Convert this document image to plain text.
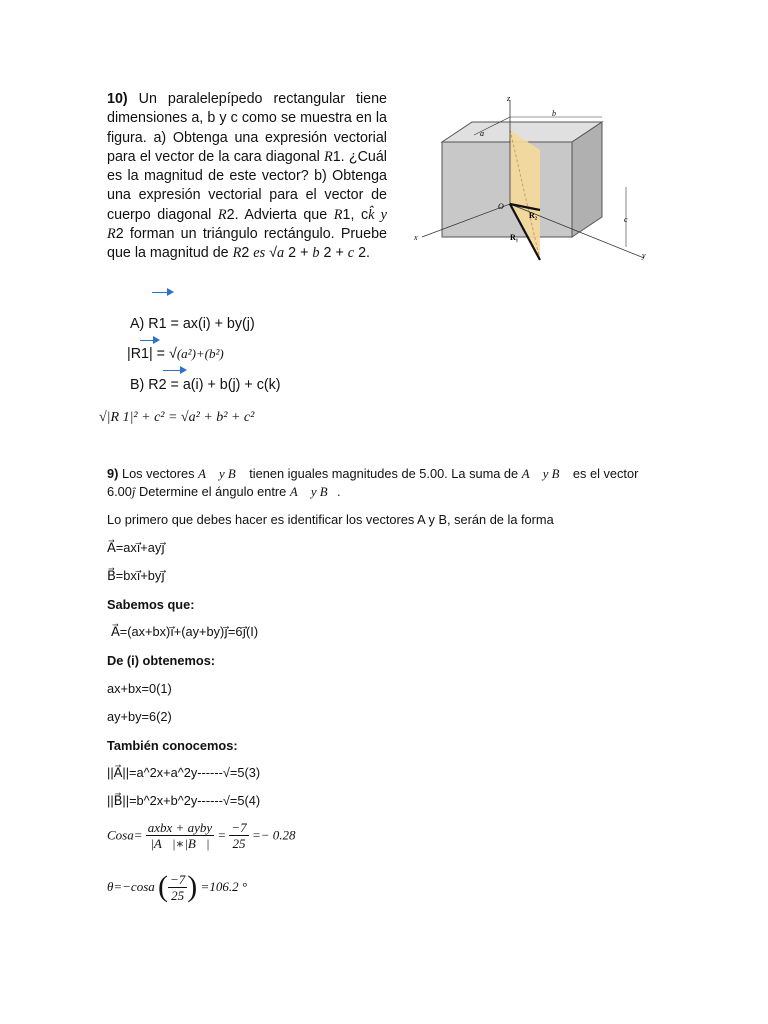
10) Un paralelepípedo rectangular tiene dimensiones a, b y c como se muestra en la figura. a) Obtenga una expresión vectorial para el vector de la cara diagonal R1. ¿Cuál es la magnitud de este vector? b) Obtenga una expresión vectorial para el vector de cuerpo diagonal R2. Advierta que R1, ck̂ y R2 forman un triángulo rectángulo. Pruebe que la magnitud de R2 es √a 2 + b 2 + c 2.
z
x
y
a
b
c
O
R₁
R₂
A) R1 = ax(i) + by(j)
|R1| = √(a²)+(b²)
B) R2 = a(i) + b(j) + c(k)
√|R 1|² + c² = √a² + b² + c²
9) Los vectores A⃗ y B⃗ tienen iguales magnitudes de 5.00. La suma de A⃗ y B⃗ es el vector
6.00ĵ Determine el ángulo entre A⃗ y B⃗.
Lo primero que debes hacer es identificar los vectores A y B, serán de la forma
A⃗=axi⃗+ayj⃗
B⃗=bxi⃗+byj⃗
Sabemos que:
A⃗=(ax+bx)i⃗+(ay+by)j⃗=6j⃗(I)
De (i) obtenemos:
ax+bx=0(1)
ay+by=6(2)
También conocemos:
||A⃗||=a^2x+a^2y------√=5(3)
||B⃗||=b^2x+b^2y------√=5(4)
Cosa= $\frac{\text{axbx + ayby}}{|A⃗|∗|B⃗|} = \frac{-7}{25} =- 0.28$
θ=−cosa ( $\frac{-7}{25}$ ) =106.2 °
